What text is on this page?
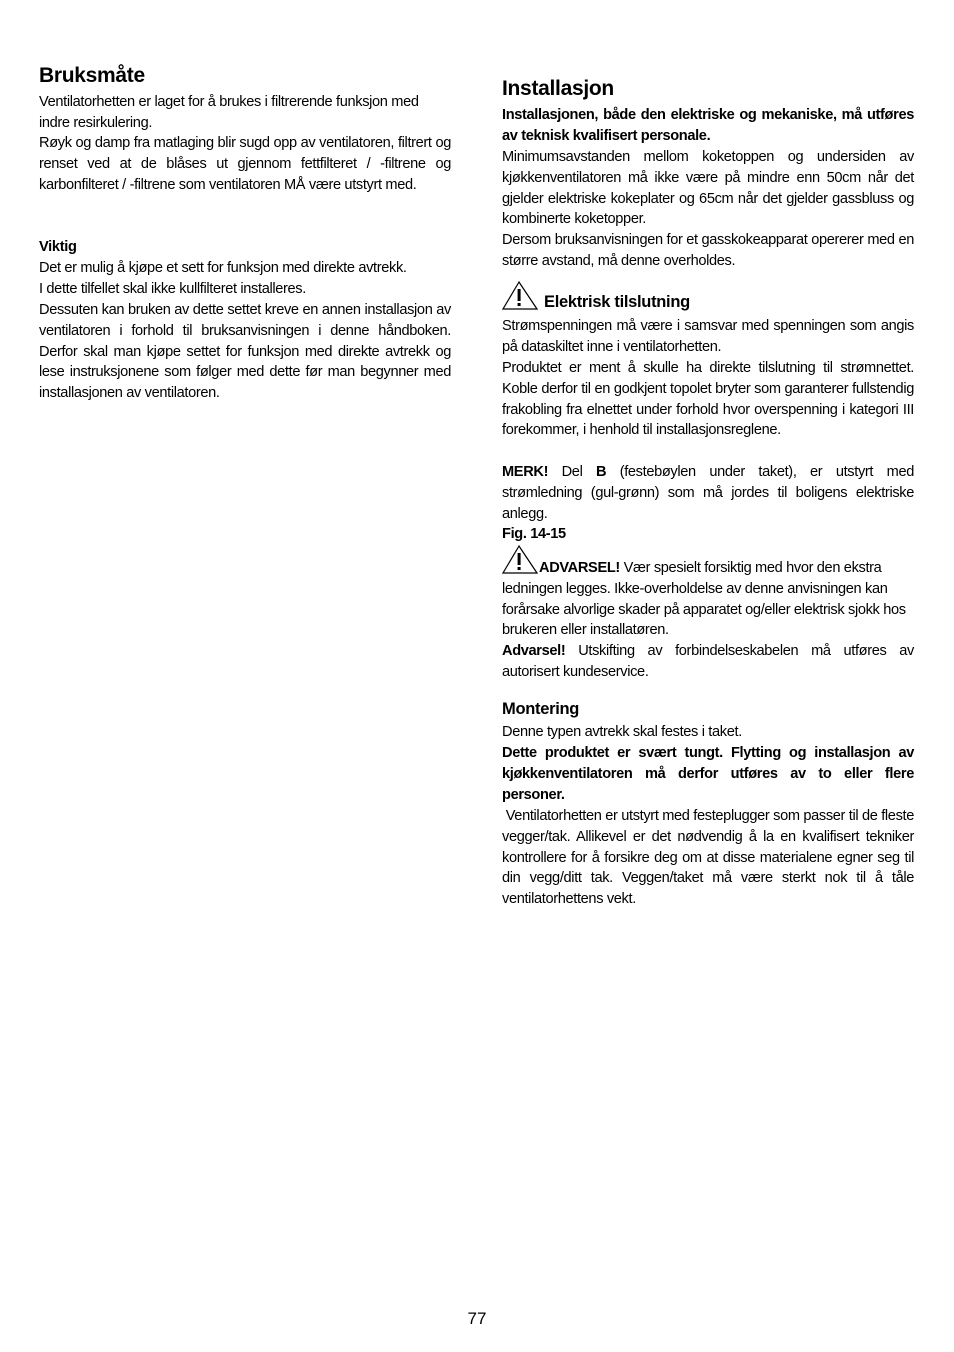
Bruksmåte

Ventilatorhetten er laget for å brukes i filtrerende funksjon med indre resirkulering.

Røyk og damp fra matlaging blir sugd opp av ventilatoren, filtrert og renset ved at de blåses ut gjennom fettfilteret / -filtrene og karbonfilteret / -filtrene som ventilatoren MÅ være utstyrt med.

Viktig

Det er mulig å kjøpe et sett for funksjon med direkte avtrekk.

I dette tilfellet skal ikke kullfilteret installeres.

Dessuten kan bruken av dette settet kreve en annen installasjon av ventilatoren i forhold til bruksanvisningen i denne håndboken. Derfor skal man kjøpe settet for funksjon med direkte avtrekk og lese instruksjonene som følger med dette før man begynner med installasjonen av ventilatoren.

Installasjon

Installasjonen, både den elektriske og mekaniske, må utføres av teknisk kvalifisert personale.

Minimumsavstanden mellom koketoppen og undersiden av kjøkkenventilatoren må ikke være på mindre enn 50cm når det gjelder elektriske kokeplater og 65cm når det gjelder gassbluss og kombinerte koketopper.

Dersom bruksanvisningen for et gasskokeapparat opererer med en større avstand, må denne overholdes.

Elektrisk tilslutning

Strømspenningen må være i samsvar med spenningen som angis på dataskiltet inne i ventilatorhetten.

Produktet er ment å skulle ha direkte tilslutning til strømnettet. Koble derfor til en godkjent topolet bryter som garanterer fullstendig frakobling fra elnettet under forhold hvor overspenning i kategori III forekommer, i henhold til installasjonsreglene.

MERK! Del B (festebøylen under taket), er utstyrt med strømledning (gul-grønn) som må jordes til boligens elektriske anlegg.

Fig. 14-15

ADVARSEL! Vær spesielt forsiktig med hvor den ekstra ledningen legges. Ikke-overholdelse av denne anvisningen kan forårsake alvorlige skader på apparatet og/eller elektrisk sjokk hos brukeren eller installatøren.

Advarsel! Utskifting av forbindelseskabelen må utføres av autorisert kundeservice.

Montering

Denne typen avtrekk skal festes i taket.

Dette produktet er svært tungt. Flytting og installasjon av kjøkkenventilatoren må derfor utføres av to eller flere personer.

Ventilatorhetten er utstyrt med festeplugger som passer til de fleste vegger/tak. Allikevel er det nødvendig å la en kvalifisert tekniker kontrollere for å forsikre deg om at disse materialene egner seg til din vegg/ditt tak. Veggen/taket må være sterkt nok til å tåle ventilatorhettens vekt.

77
